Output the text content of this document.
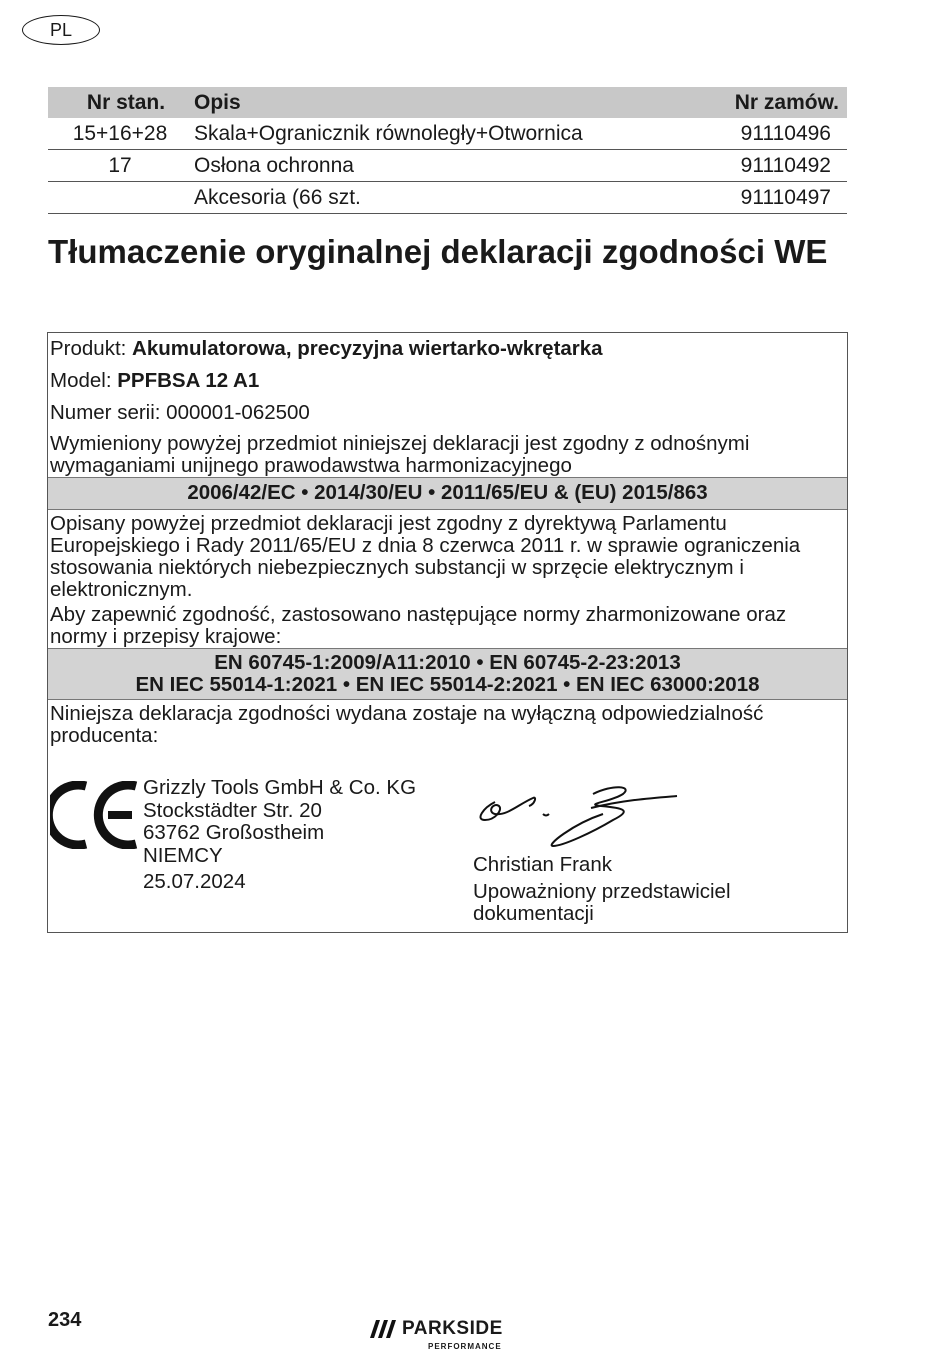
PL
Nr stan.	Opis	Nr zamów.
15+16+28	Skala+Ogranicznik równoległy+Otwornica	91110496
17	Osłona ochronna	91110492
	Akcesoria (66 szt.	91110497
Tłumaczenie oryginalnej deklaracji zgodności WE
Produkt: Akumulatorowa, precyzyjna wiertarko-wkrętarka
Model: PPFBSA 12 A1
Numer serii: 000001-062500
Wymieniony powyżej przedmiot niniejszej deklaracji jest zgodny z odnośnymi wymaganiami unijnego prawodawstwa harmonizacyjnego
2006/42/EC • 2014/30/EU • 2011/65/EU & (EU) 2015/863
Opisany powyżej przedmiot deklaracji jest zgodny z dyrektywą Parlamentu Europejskiego i Rady 2011/65/EU z dnia 8 czerwca 2011 r. w sprawie ograniczenia stosowania niektórych niebezpiecznych substancji w sprzęcie elektrycznym i elektronicznym.
Aby zapewnić zgodność, zastosowano następujące normy zharmonizowane oraz normy i przepisy krajowe:
EN 60745-1:2009/A11:2010 • EN 60745-2-23:2013
EN IEC 55014-1:2021 • EN IEC 55014-2:2021 • EN IEC 63000:2018
Niniejsza deklaracja zgodności wydana zostaje na wyłączną odpowiedzialność producenta:
Grizzly Tools GmbH & Co. KG
Stockstädter Str. 20
63762 Großostheim
NIEMCY
25.07.2024
Christian Frank
Upoważniony przedstawiciel dokumentacji
234	PARKSIDE
PERFORMANCE
